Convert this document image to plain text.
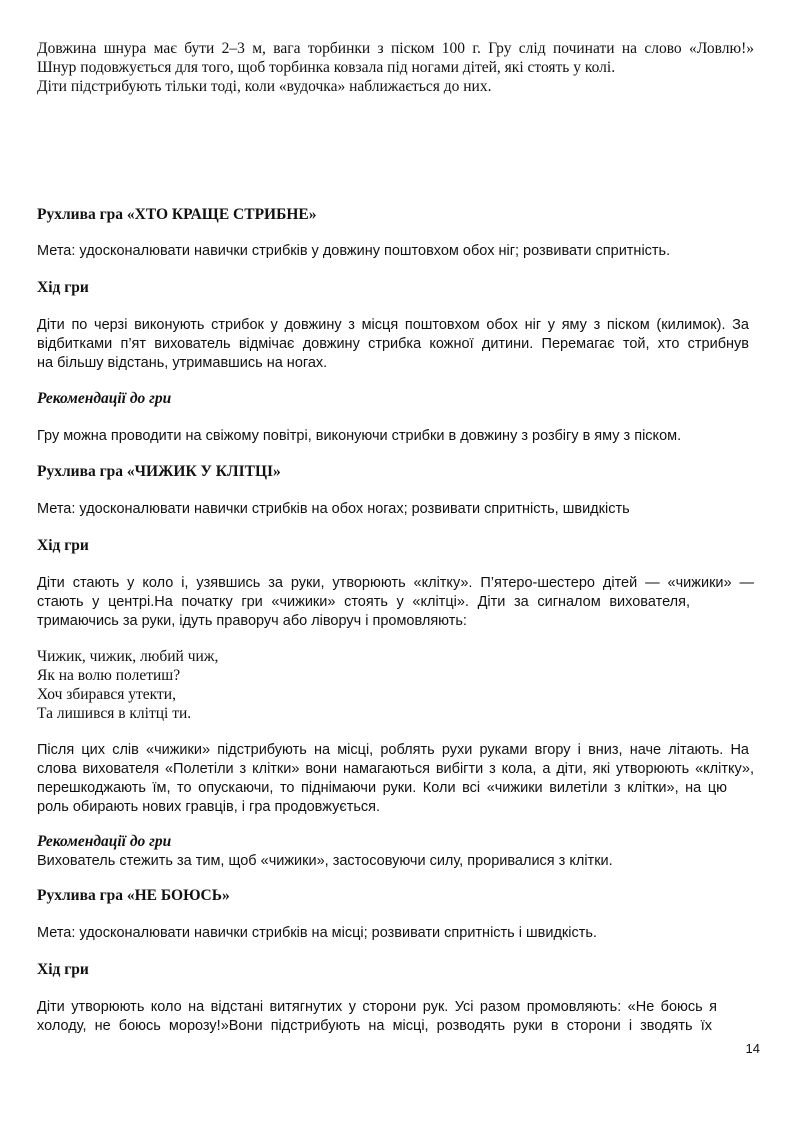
Довжина шнура має бути 2–3 м, вага торбинки з піском 100 г. Гру слід починати на слово «Ловлю!»
Шнур подовжується для того, щоб торбинка ковзала під ногами дітей, які стоять у колі.
Діти підстрибують тільки тоді, коли «вудочка» наближається до них.
Рухлива гра «ХТО КРАЩЕ СТРИБНЕ»
Мета: удосконалювати навички стрибків у довжину поштовхом обох ніг; розвивати спритність.
Хід гри
Діти по черзі виконують стрибок у довжину з місця поштовхом обох ніг у яму з піском (килимок). За
відбитками п’ят вихователь відмічає довжину стрибка кожної дитини. Перемагає той, хто стрибнув
на більшу відстань, утримавшись на ногах.
Рекомендації до гри
Гру можна проводити на свіжому повітрі, виконуючи стрибки в довжину з розбігу в яму з піском.
Рухлива гра «ЧИЖИК У КЛІТЦІ»
Мета: удосконалювати навички стрибків на обох ногах; розвивати спритність, швидкість
Хід гри
Діти стають у коло і, узявшись за руки, утворюють «клітку». П’ятеро-шестеро дітей — «чижики» —
стають у центрі.На початку гри «чижики» стоять у «клітці». Діти за сигналом вихователя,
тримаючись за руки, ідуть праворуч або ліворуч і промовляють:
Чижик, чижик, любий чиж,
Як на волю полетиш?
Хоч збирався утекти,
Та лишився в клітці ти.
Після цих слів «чижики» підстрибують на місці, роблять рухи руками вгору і вниз, наче літають. На
слова вихователя «Полетіли з клітки» вони намагаються вибігти з кола, а діти, які утворюють «клітку»,
перешкоджають їм, то опускаючи, то піднімаючи руки. Коли всі «чижики вилетіли з клітки», на цю
роль обирають нових гравців, і гра продовжується.
Рекомендації до гри
Вихователь стежить за тим, щоб «чижики», застосовуючи силу, проривалися з клітки.
Рухлива гра «НЕ БОЮСЬ»
Мета: удосконалювати навички стрибків на місці; розвивати спритність і швидкість.
Хід гри
Діти утворюють коло на відстані витягнутих у сторони рук. Усі разом промовляють: «Не боюсь я
холоду, не боюсь морозу!»Вони підстрибують на місці, розводять руки в сторони і зводять їх
14
